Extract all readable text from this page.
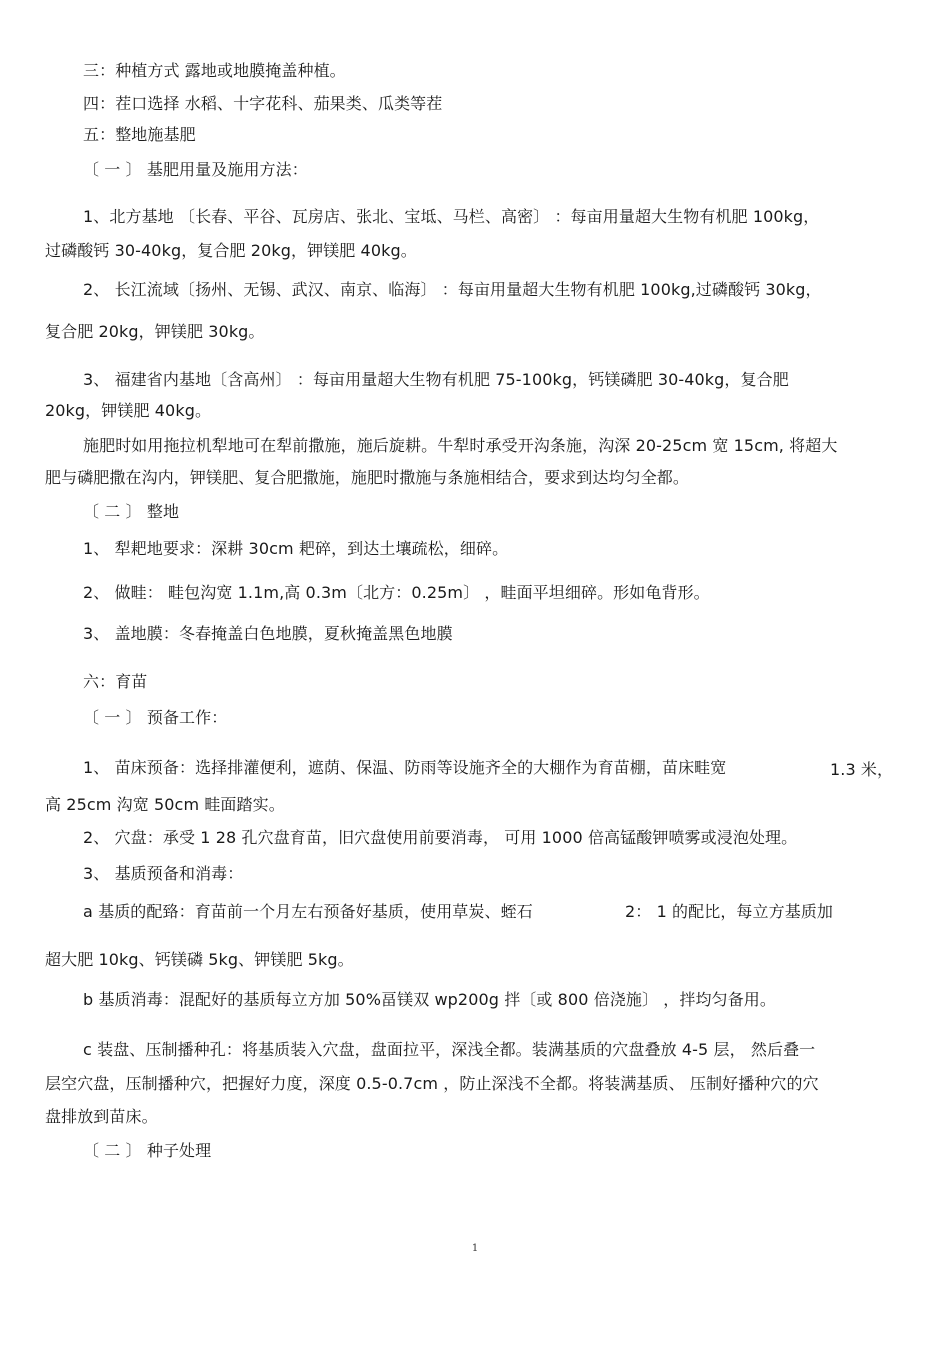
三：种植方式 露地或地膜掩盖种植。
四：茬口选择 水稻、十字花科、茄果类、瓜类等茬
五：整地施基肥
〔 一 〕 基肥用量及施用方法：
1、北方基地 〔长春、平谷、瓦房店、张北、宝坻、马栏、高密〕 ：每亩用量超大生物有机肥 100kg，
过磷酸钙 30-40kg，复合肥 20kg，钾镁肥 40kg。
2、 长江流域〔扬州、无锡、武汉、南京、临海〕 ：每亩用量超大生物有机肥 100kg,过磷酸钙 30kg，
复合肥 20kg，钾镁肥 30kg。
3、 福建省内基地〔含高州〕 ：每亩用量超大生物有机肥 75-100kg，钙镁磷肥 30-40kg，复合肥
20kg，钾镁肥 40kg。
施肥时如用拖拉机犁地可在犁前撒施，施后旋耕。牛犁时承受开沟条施，沟深 20-25cm 宽 15cm, 将超大
肥与磷肥撒在沟内，钾镁肥、复合肥撒施，施肥时撒施与条施相结合，要求到达均匀全都。
〔 二 〕 整地
1、 犁耙地要求：深耕 30cm 耙碎，到达土壤疏松，细碎。
2、 做畦： 畦包沟宽 1.1m,高 0.3m〔北方：0.25m〕 ，畦面平坦细碎。形如龟背形。
3、 盖地膜：冬春掩盖白色地膜，夏秋掩盖黑色地膜
六：育苗
〔 一 〕 预备工作：
1、 苗床预备：选择排灌便利，遮荫、保温、防雨等设施齐全的大棚作为育苗棚，苗床畦宽	1.3 米，
高 25cm 沟宽 50cm 畦面踏实。
2、 穴盘：承受 1 28 孔穴盘育苗，旧穴盘使用前要消毒， 可用 1000 倍高锰酸钾喷雾或浸泡处理。
3、 基质预备和消毒：
a 基质的配臵：育苗前一个月左右预备好基质，使用草炭、蛭石	2： 1 的配比，每立方基质加
超大肥 10kg、钙镁磷 5kg、钾镁肥 5kg。
b 基质消毒：混配好的基质每立方加 50%畐镁双 wp200g 拌〔或 800 倍浇施〕 ，拌均匀备用。
c 装盘、压制播种孔：将基质装入穴盘，盘面拉平，深浅全都。装满基质的穴盘叠放 4-5 层， 然后叠一
层空穴盘，压制播种穴，把握好力度，深度 0.5-0.7cm ，防止深浅不全都。将装满基质、 压制好播种穴的穴
盘排放到苗床。
〔 二 〕 种子处理
1
